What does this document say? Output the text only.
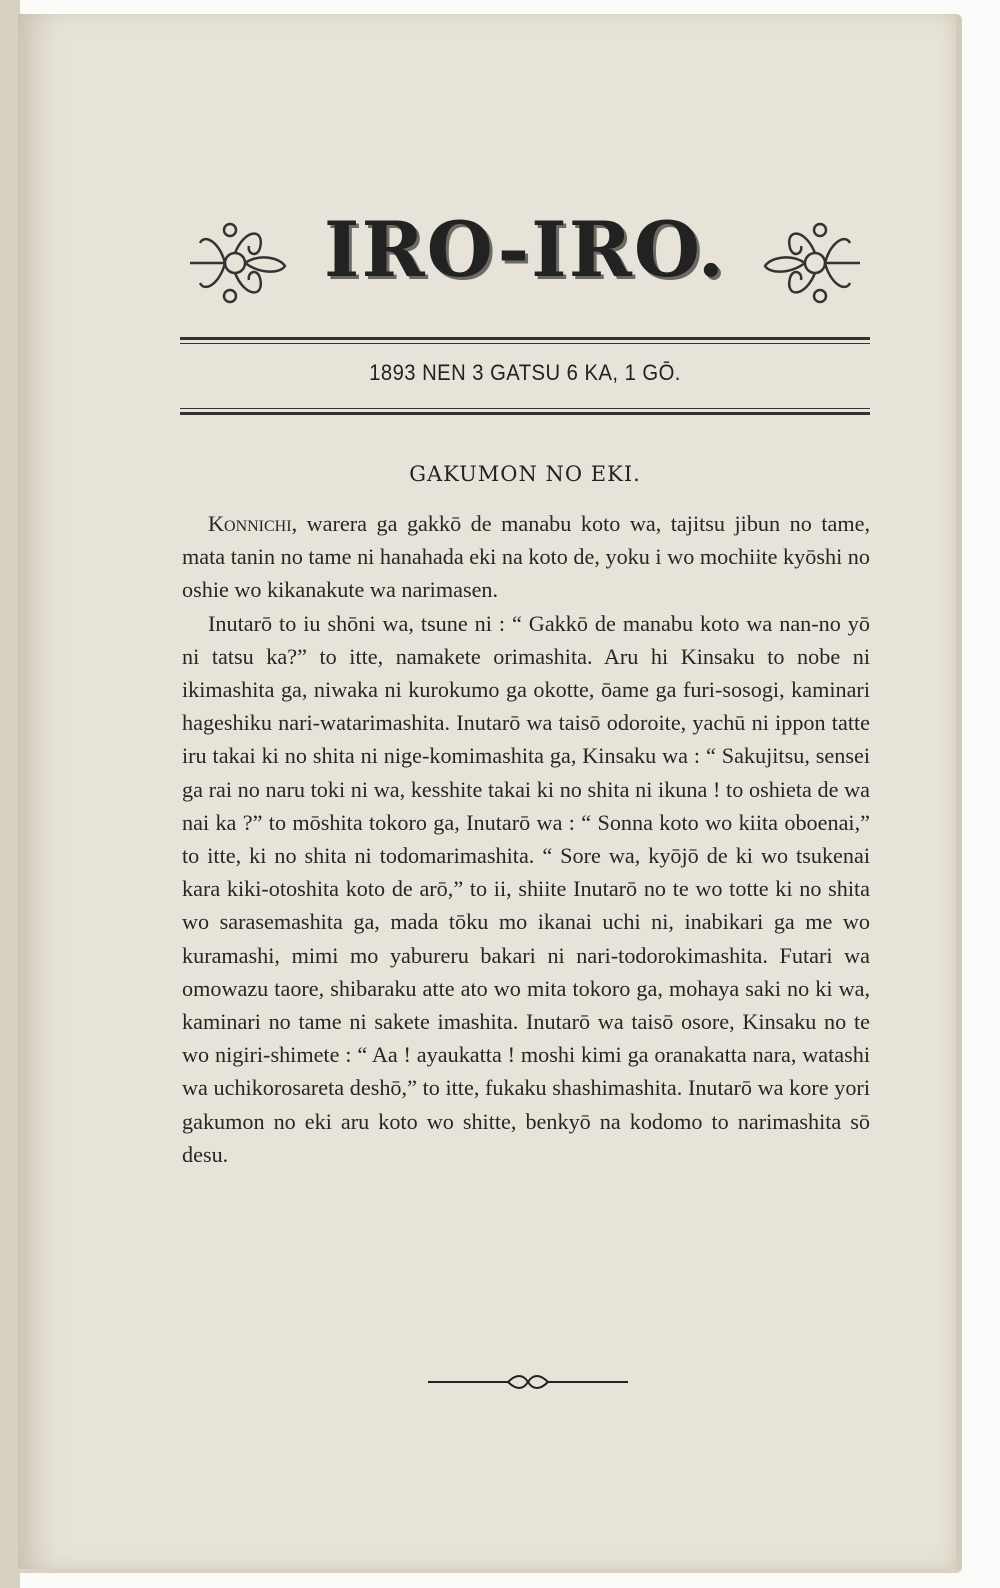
IRO-IRO.
1893 NEN 3 GATSU 6 KA, 1 GŌ.
GAKUMON NO EKI.

Konnichi, warera ga gakkō de manabu koto wa, tajitsu jibun no tame, mata tanin no tame ni hanahada eki na koto de, yoku i wo mochiite kyōshi no oshie wo kikanakute wa narimasen.

Inutarō to iu shōni wa, tsune ni : “ Gakkō de manabu koto wa nan-no yō ni tatsu ka?” to itte, namakete orimashita. Aru hi Kinsaku to nobe ni ikimashita ga, niwaka ni kurokumo ga okotte, ōame ga furi-sosogi, kaminari hageshiku nari-watarimashita. Inutarō wa taisō odoroite, yachū ni ippon tatte iru takai ki no shita ni nige-komimashita ga, Kinsaku wa : “ Sakujitsu, sensei ga rai no naru toki ni wa, kesshite takai ki no shita ni ikuna ! to oshieta de wa nai ka ?” to mōshita tokoro ga, Inutarō wa : “ Sonna koto wo kiita oboenai,” to itte, ki no shita ni todomarimashita. “ Sore wa, kyōjō de ki wo tsukenai kara kiki-otoshita koto de arō,” to ii, shiite Inutarō no te wo totte ki no shita wo sarasemashita ga, mada tōku mo ikanai uchi ni, inabikari ga me wo kuramashi, mimi mo yabureru bakari ni nari-todorokimashita. Futari wa omowazu taore, shibaraku atte ato wo mita tokoro ga, mohaya saki no ki wa, kaminari no tame ni sakete imashita. Inutarō wa taisō osore, Kinsaku no te wo nigiri-shimete : “ Aa ! ayaukatta ! moshi kimi ga oranakatta nara, watashi wa uchikorosareta deshō,” to itte, fukaku shashimashita. Inutarō wa kore yori gakumon no eki aru koto wo shitte, benkyō na kodomo to narimashita sō desu.
